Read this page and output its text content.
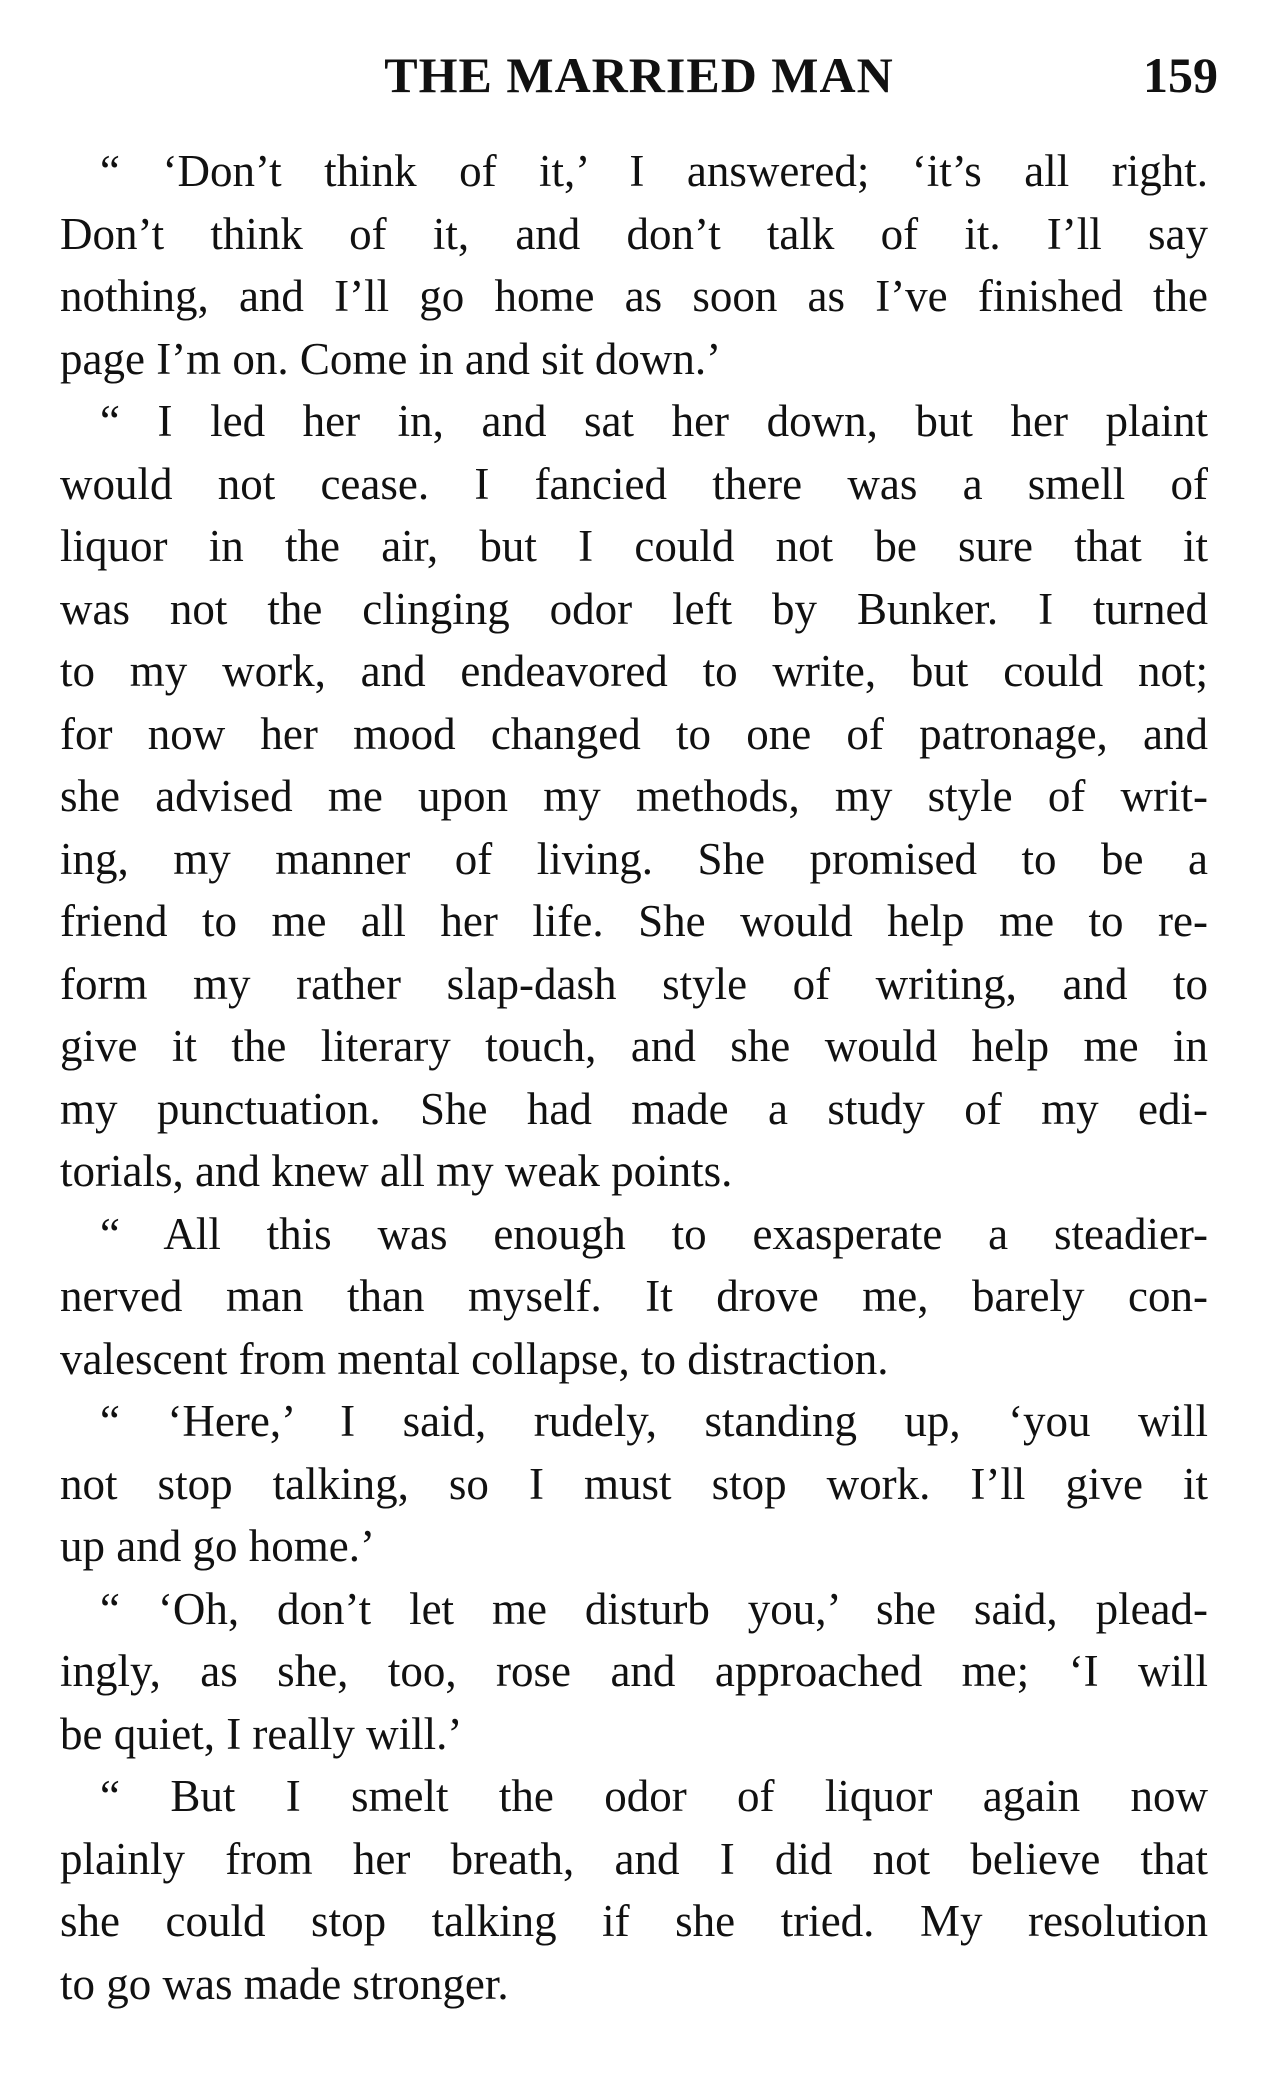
THE MARRIED MAN	159

“ ‘Don’t think of it,’ I answered; ‘it’s all right.
Don’t think of it, and don’t talk of it. I’ll say
nothing, and I’ll go home as soon as I’ve finished the
page I’m on. Come in and sit down.’

“ I led her in, and sat her down, but her plaint
would not cease. I fancied there was a smell of
liquor in the air, but I could not be sure that it
was not the clinging odor left by Bunker. I turned
to my work, and endeavored to write, but could not;
for now her mood changed to one of patronage, and
she advised me upon my methods, my style of writ-
ing, my manner of living. She promised to be a
friend to me all her life. She would help me to re-
form my rather slap-dash style of writing, and to
give it the literary touch, and she would help me in
my punctuation. She had made a study of my edi-
torials, and knew all my weak points.

“ All this was enough to exasperate a steadier-
nerved man than myself. It drove me, barely con-
valescent from mental collapse, to distraction.

“ ‘Here,’ I said, rudely, standing up, ‘you will
not stop talking, so I must stop work. I’ll give it
up and go home.’

“ ‘Oh, don’t let me disturb you,’ she said, plead-
ingly, as she, too, rose and approached me; ‘I will
be quiet, I really will.’

“ But I smelt the odor of liquor again now
plainly from her breath, and I did not believe that
she could stop talking if she tried. My resolution
to go was made stronger.
